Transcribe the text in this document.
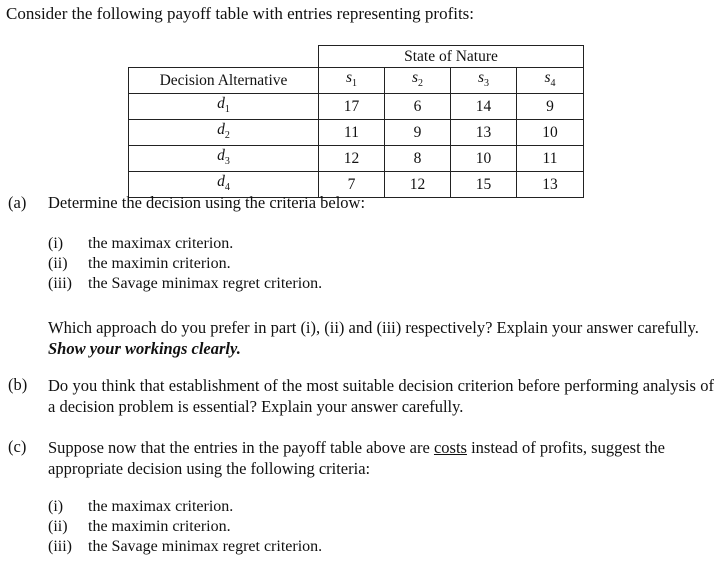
Consider the following payoff table with entries representing profits:
	State of Nature			
Decision Alternative	$s_1$	$s_2$	$s_3$	$s_4$
$d_1$	17	6	14	9
$d_2$	11	9	13	10
$d_3$	12	8	10	11
$d_4$	7	12	15	13
(a) Determine the decision using the criteria below:
(i) the maximax criterion.
(ii) the maximin criterion.
(iii) the Savage minimax regret criterion.
Which approach do you prefer in part (i), (ii) and (iii) respectively? Explain your answer carefully. Show your workings clearly.
(b) Do you think that establishment of the most suitable decision criterion before performing analysis of a decision problem is essential? Explain your answer carefully.
(c) Suppose now that the entries in the payoff table above are costs instead of profits, suggest the appropriate decision using the following criteria:
(i) the maximax criterion.
(ii) the maximin criterion.
(iii) the Savage minimax regret criterion.
